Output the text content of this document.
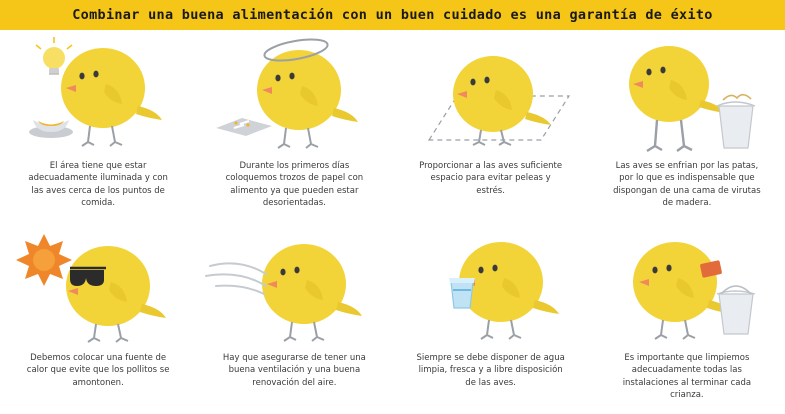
Combinar una buena alimentación con un buen cuidado es una garantía de éxito
El área tiene que estar adecuadamente iluminada y con las aves cerca de los puntos de comida.
Durante los primeros días coloquemos trozos de papel con alimento ya que pueden estar desorientadas.
Proporcionar a las aves suficiente espacio para evitar peleas y estrés.
Las aves se enfrian por las patas, por lo que es indispensable que dispongan de una cama de virutas de madera.
Debemos colocar una fuente de calor que evite que los pollitos se amontonen.
Hay que asegurarse de tener una buena ventilación y una buena renovación del aire.
Siempre se debe disponer de agua limpia, fresca y a libre disposición de las aves.
Es importante que limpiemos adecuadamente todas las instalaciones al terminar cada crianza.
